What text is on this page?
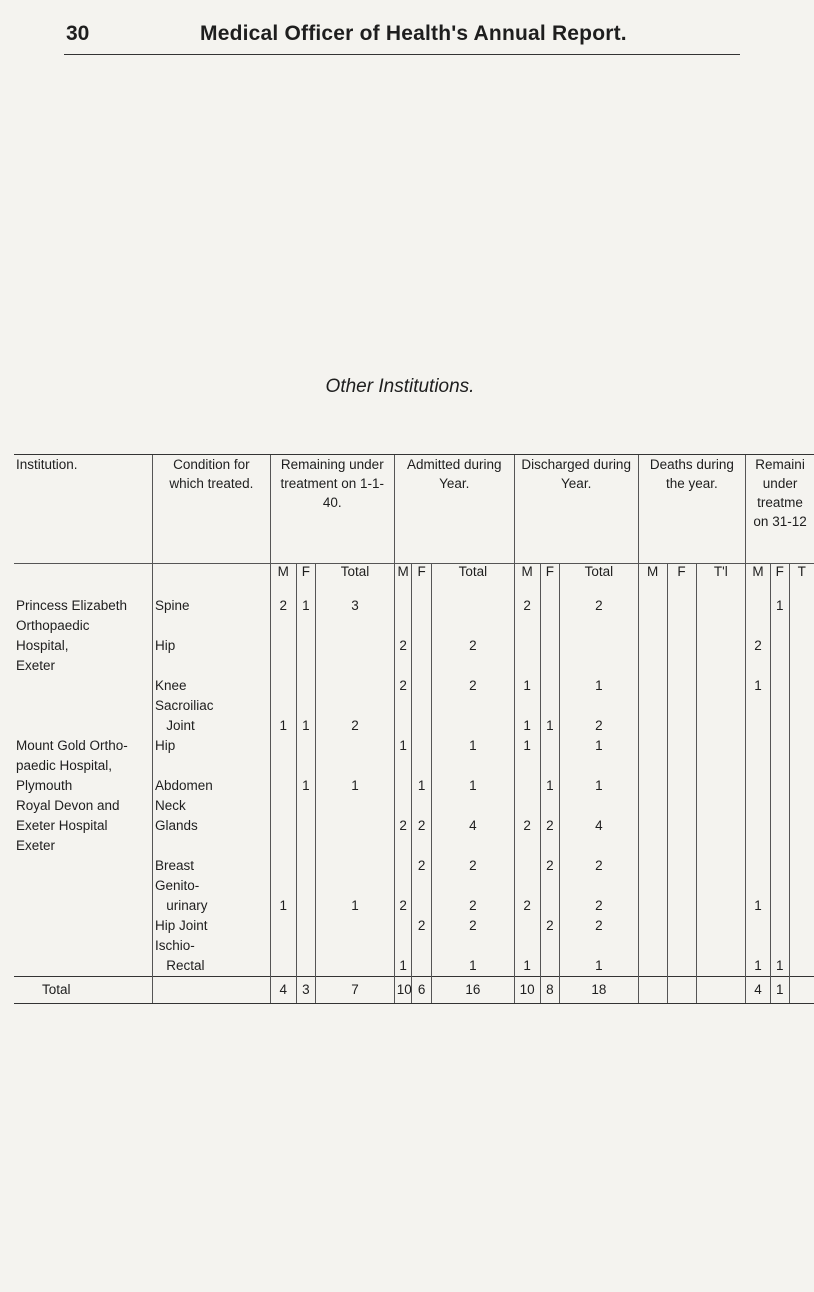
30	Medical Officer of Health's Annual Report.
Other Institutions.
Institution.	Condition for which treated.	Remaining under treatment on 1-1-40.			Admitted during Year.			Discharged during Year.			Deaths during the year.			Remaini under treatme on 31-12		
		M	F	Total	M	F	Total	M	F	Total	M	F	T'l	M	F	T
Princess Elizabeth	Spine	2	1	3				2		2					1	
Orthopaedic																
Hospital,	Hip				2		2							2		
Exeter																
	Knee				2		2	1		1				1		

	Sacroiliac															
	Joint	1	1	2				1	1	2						

Mount Gold Ortho-	Hip				1		1	1		1						
paedic Hospital,																
Plymouth	Abdomen		1	1		1	1		1	1						

Royal Devon and	Neck															
Exeter Hospital	Glands				2	2	4	2	2	4						
Exeter																
	Breast					2	2		2	2						

	Genito-															
	urinary	1		1	2		2	2		2				1		
	Hip Joint					2	2		2	2						
	Ischio-															
	Rectal				1		1	1		1				1	1	
Total		4	3	7	10	6	16	10	8	18				4	1	
